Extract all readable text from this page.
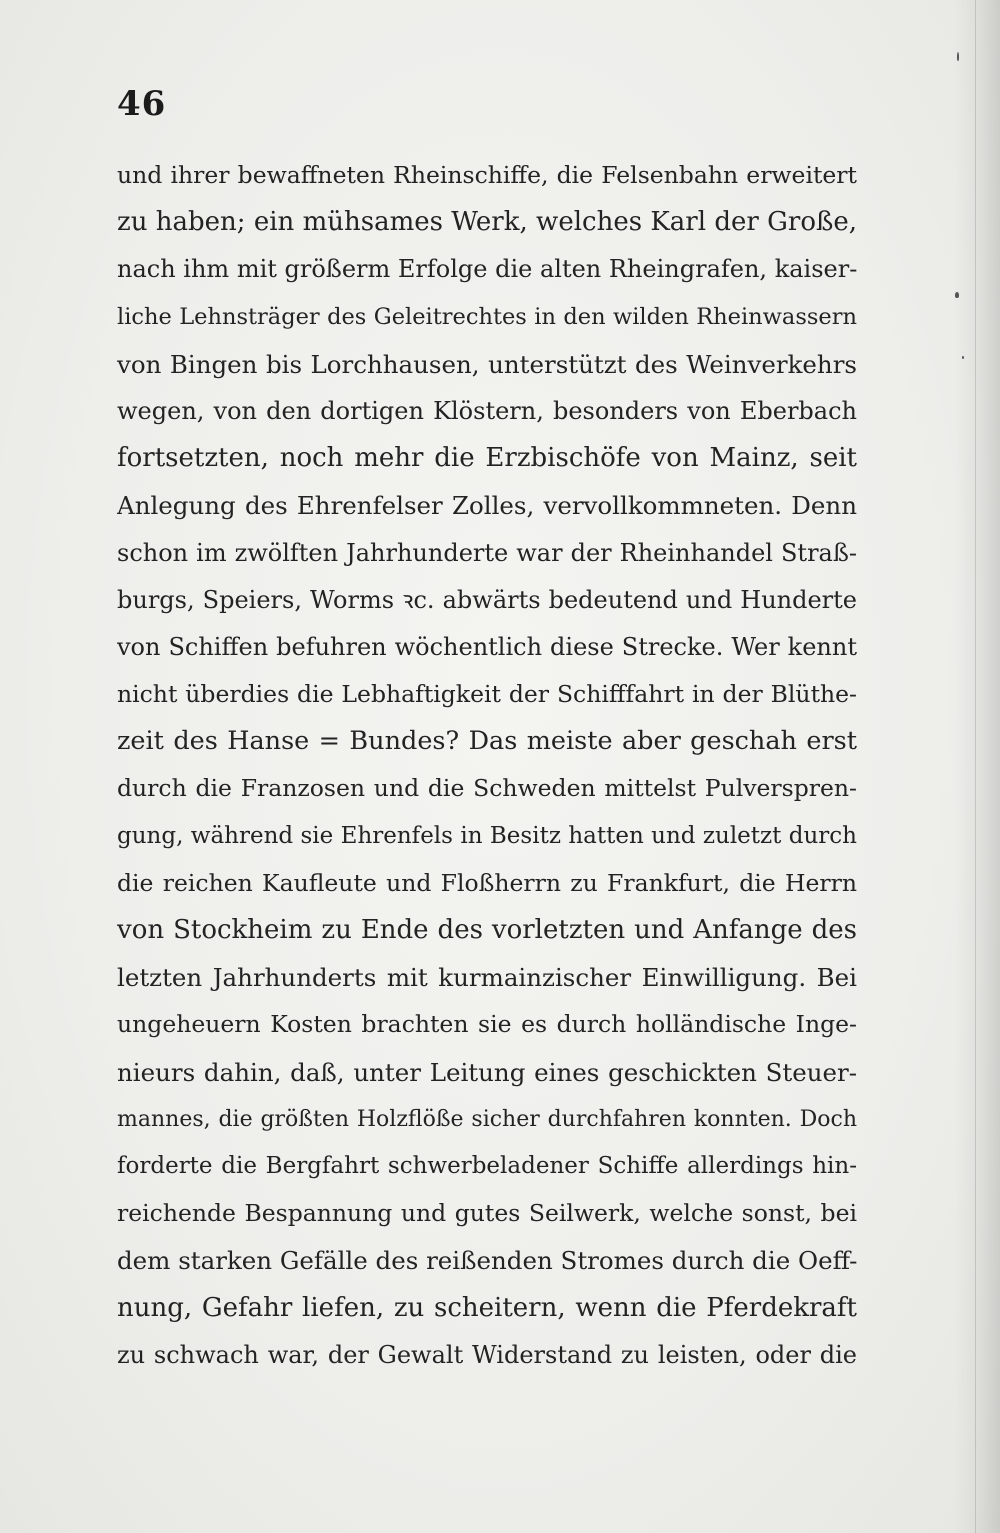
46
und ihrer bewaffneten Rheinschiffe, die Felsenbahn erweitert
zu haben; ein mühsames Werk, welches Karl der Große,
nach ihm mit größerm Erfolge die alten Rheingrafen, kaiser-
liche Lehnsträger des Geleitrechtes in den wilden Rheinwassern
von Bingen bis Lorchhausen, unterstützt des Weinverkehrs
wegen, von den dortigen Klöstern, besonders von Eberbach
fortsetzten, noch mehr die Erzbischöfe von Mainz, seit
Anlegung des Ehrenfelser Zolles, vervollkommneten. Denn
schon im zwölften Jahrhunderte war der Rheinhandel Straß-
burgs, Speiers, Worms ꝛc. abwärts bedeutend und Hunderte
von Schiffen befuhren wöchentlich diese Strecke. Wer kennt
nicht überdies die Lebhaftigkeit der Schifffahrt in der Blüthe-
zeit des Hanse = Bundes? Das meiste aber geschah erst
durch die Franzosen und die Schweden mittelst Pulverspren-
gung, während sie Ehrenfels in Besitz hatten und zuletzt durch
die reichen Kaufleute und Floßherrn zu Frankfurt, die Herrn
von Stockheim zu Ende des vorletzten und Anfange des
letzten Jahrhunderts mit kurmainzischer Einwilligung. Bei
ungeheuern Kosten brachten sie es durch holländische Inge-
nieurs dahin, daß, unter Leitung eines geschickten Steuer-
mannes, die größten Holzflöße sicher durchfahren konnten. Doch
forderte die Bergfahrt schwerbeladener Schiffe allerdings hin-
reichende Bespannung und gutes Seilwerk, welche sonst, bei
dem starken Gefälle des reißenden Stromes durch die Oeff-
nung, Gefahr liefen, zu scheitern, wenn die Pferdekraft
zu schwach war, der Gewalt Widerstand zu leisten, oder die
